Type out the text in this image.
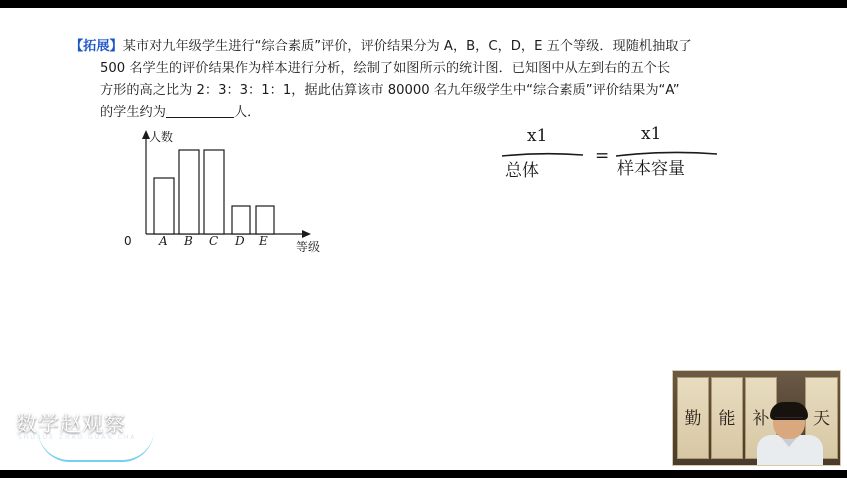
【拓展】某市对九年级学生进行“综合素质”评价，评价结果分为 A，B，C，D，E 五个等级．现随机抽取了
500 名学生的评价结果作为样本进行分析，绘制了如图所示的统计图．已知图中从左到右的五个长
方形的高之比为 2：3：3：1：1，据此估算该市 80000 名九年级学生中“综合素质”评价结果为“A”
的学生约为	人．
人数
等级
0 A B C D E
x1
总体
=
x1
样本容量
数学赵观察
SHUXUE ZHAO GUAN CHA
勤	能	补	天
